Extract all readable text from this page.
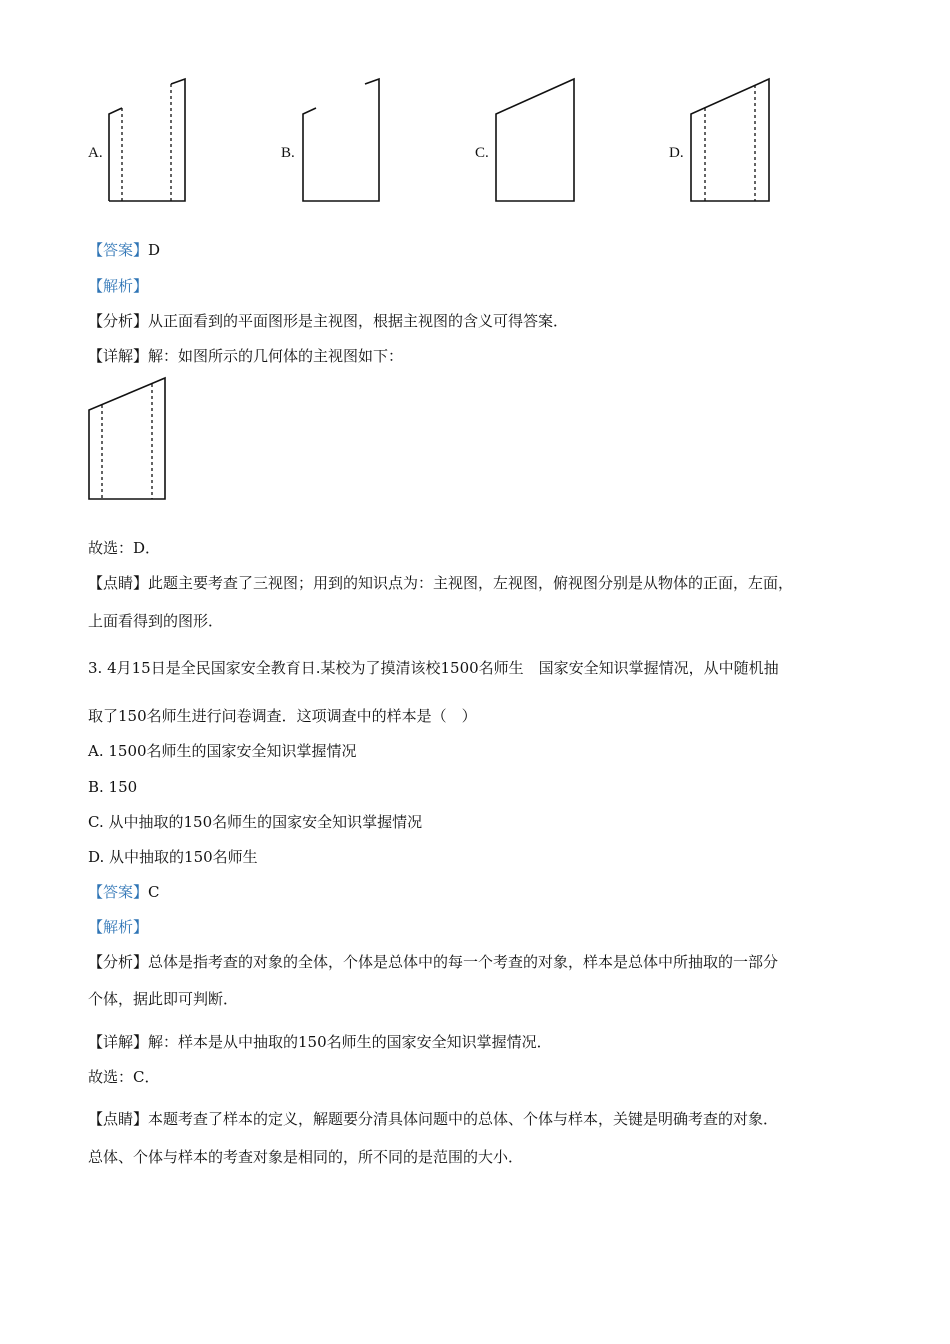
A.	B.	C.	D.
【答案】D
【解析】
【分析】从正面看到的平面图形是主视图，根据主视图的含义可得答案．
【详解】解：如图所示的几何体的主视图如下：
故选：D．
【点睛】此题主要考查了三视图；用到的知识点为：主视图，左视图，俯视图分别是从物体的正面，左面，
上面看得到的图形．
3. 4月15日是全民国家安全教育日.某校为了摸清该校1500名师生　国家安全知识掌握情况，从中随机抽
取了150名师生进行问卷调查．这项调查中的样本是（　）
A. 1500名师生的国家安全知识掌握情况
B. 150
C. 从中抽取的150名师生的国家安全知识掌握情况
D. 从中抽取的150名师生
【答案】C
【解析】
【分析】总体是指考查的对象的全体，个体是总体中的每一个考查的对象，样本是总体中所抽取的一部分
个体，据此即可判断．
【详解】解：样本是从中抽取的150名师生的国家安全知识掌握情况．
故选：C．
【点睛】本题考查了样本的定义，解题要分清具体问题中的总体、个体与样本，关键是明确考查的对象．
总体、个体与样本的考查对象是相同的，所不同的是范围的大小．
